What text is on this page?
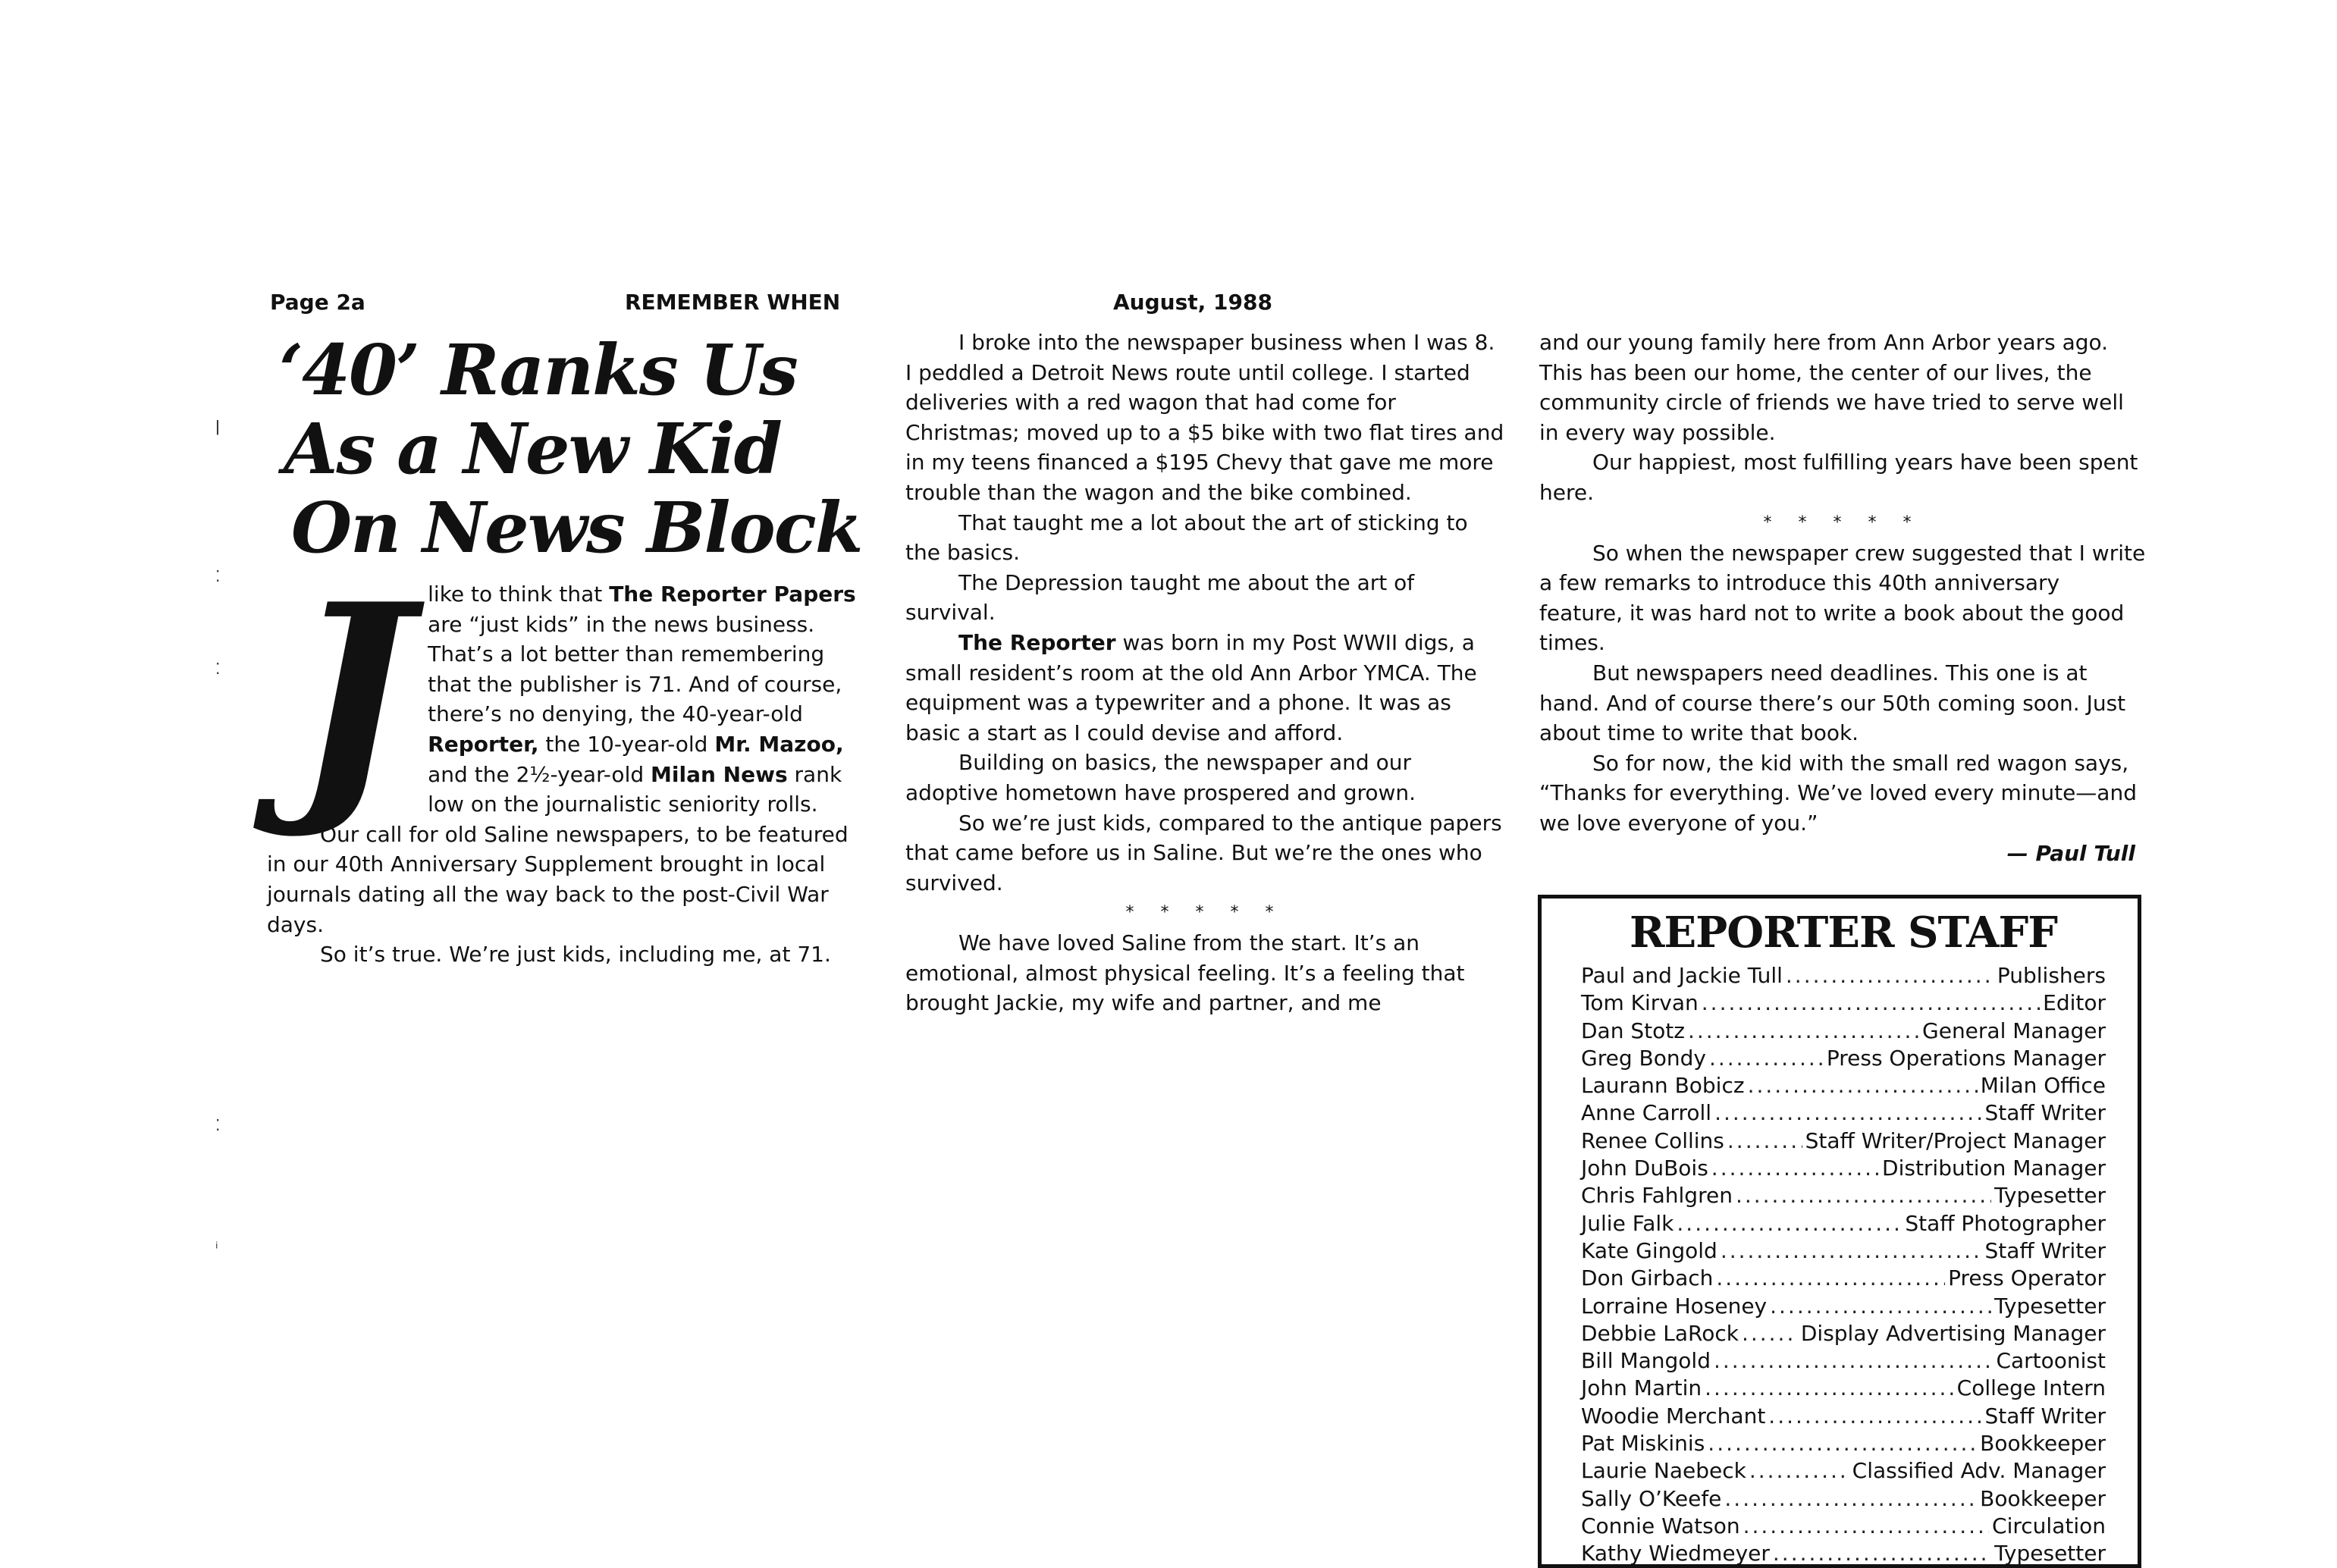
Page 2a	REMEMBER WHEN	August, 1988
‘40’ Ranks Us
As a New Kid
On News Block

J like to think that The Reporter Papers are “just kids” in the news business. That’s a lot better than remembering that the publisher is 71. And of course, there’s no denying, the 40-year-old Reporter, the 10-year-old Mr. Mazoo, and the 2½-year-old Milan News rank low on the journalistic seniority rolls.

Our call for old Saline newspapers, to be featured in our 40th Anniversary Supplement brought in local journals dating all the way back to the post-Civil War days.

So it’s true. We’re just kids, including me, at 71.

I broke into the newspaper business when I was 8. I peddled a Detroit News route until college. I started deliveries with a red wagon that had come for Christmas; moved up to a $5 bike with two flat tires and in my teens financed a $195 Chevy that gave me more trouble than the wagon and the bike combined.

That taught me a lot about the art of sticking to the basics.

The Depression taught me about the art of survival.

The Reporter was born in my Post WWII digs, a small resident’s room at the old Ann Arbor YMCA. The equipment was a typewriter and a phone. It was as basic a start as I could devise and afford.

Building on basics, the newspaper and our adoptive hometown have prospered and grown.

So we’re just kids, compared to the antique papers that came before us in Saline. But we’re the ones who survived.

* * * * *

We have loved Saline from the start. It’s an emotional, almost physical feeling. It’s a feeling that brought Jackie, my wife and partner, and me

and our young family here from Ann Arbor years ago. This has been our home, the center of our lives, the community circle of friends we have tried to serve well in every way possible.

Our happiest, most fulfilling years have been spent here.

* * * * *

So when the newspaper crew suggested that I write a few remarks to introduce this 40th anniversary feature, it was hard not to write a book about the good times.

But newspapers need deadlines. This one is at hand. And of course there’s our 50th coming soon. Just about time to write that book.

So for now, the kid with the small red wagon says, “Thanks for everything. We’ve loved every minute—and we love everyone of you.”

— Paul Tull
REPORTER STAFF
Paul and Jackie Tull .....	Publishers
Tom Kirvan .....	Editor
Dan Stotz .....	General Manager
Greg Bondy .....	Press Operations Manager
Laurann Bobicz .....	Milan Office
Anne Carroll .....	Staff Writer
Renee Collins .....	Staff Writer/Project Manager
John DuBois .....	Distribution Manager
Chris Fahlgren .....	Typesetter
Julie Falk .....	Staff Photographer
Kate Gingold .....	Staff Writer
Don Girbach .....	Press Operator
Lorraine Hoseney .....	Typesetter
Debbie LaRock .....	Display Advertising Manager
Bill Mangold .....	Cartoonist
John Martin .....	College Intern
Woodie Merchant .....	Staff Writer
Pat Miskinis .....	Bookkeeper
Laurie Naebeck .....	Classified Adv. Manager
Sally O’Keefe .....	Bookkeeper
Connie Watson .....	Circulation
Kathy Wiedmeyer .....	Typesetter
ǀ
⁚
⁚
⁚
ⁱ
